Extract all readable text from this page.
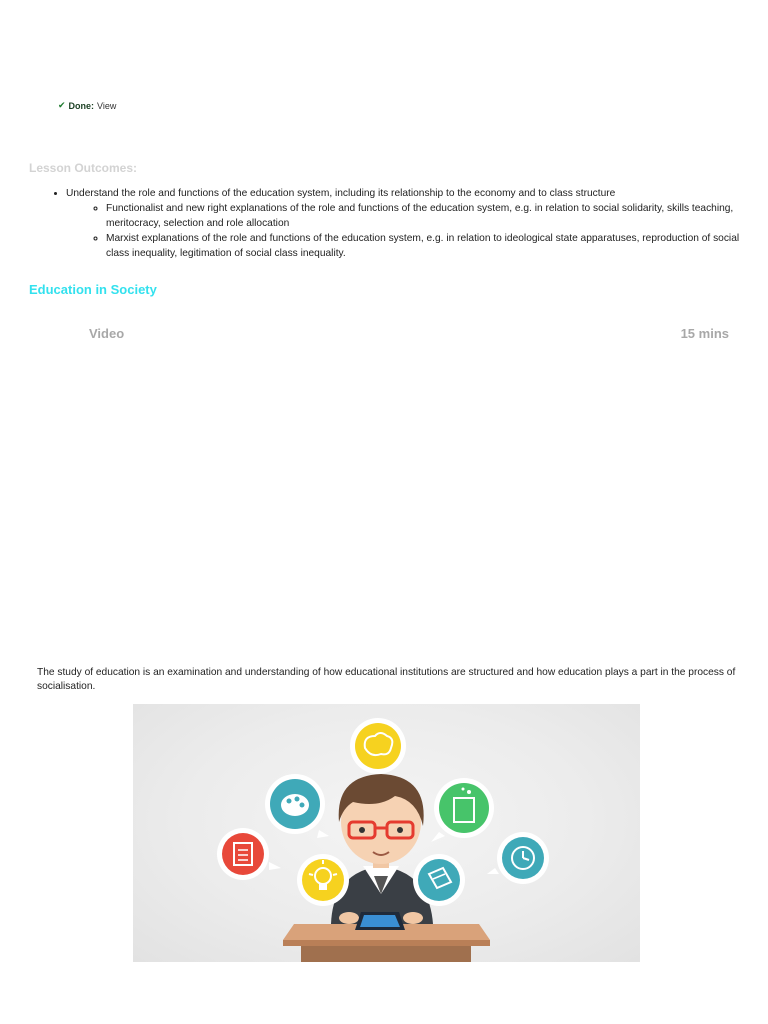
✔ Done: View
Lesson Outcomes:
• Understand the role and functions of the education system, including its relationship to the economy and to class structure
◦ Functionalist and new right explanations of the role and functions of the education system, e.g. in relation to social solidarity, skills teaching, meritocracy, selection and role allocation
◦ Marxist explanations of the role and functions of the education system, e.g. in relation to ideological state apparatuses, reproduction of social class inequality, legitimation of social class inequality.
Education in Society
Video	15 mins
The study of education is an examination and understanding of how educational institutions are structured and how education plays a part in the process of socialisation.
